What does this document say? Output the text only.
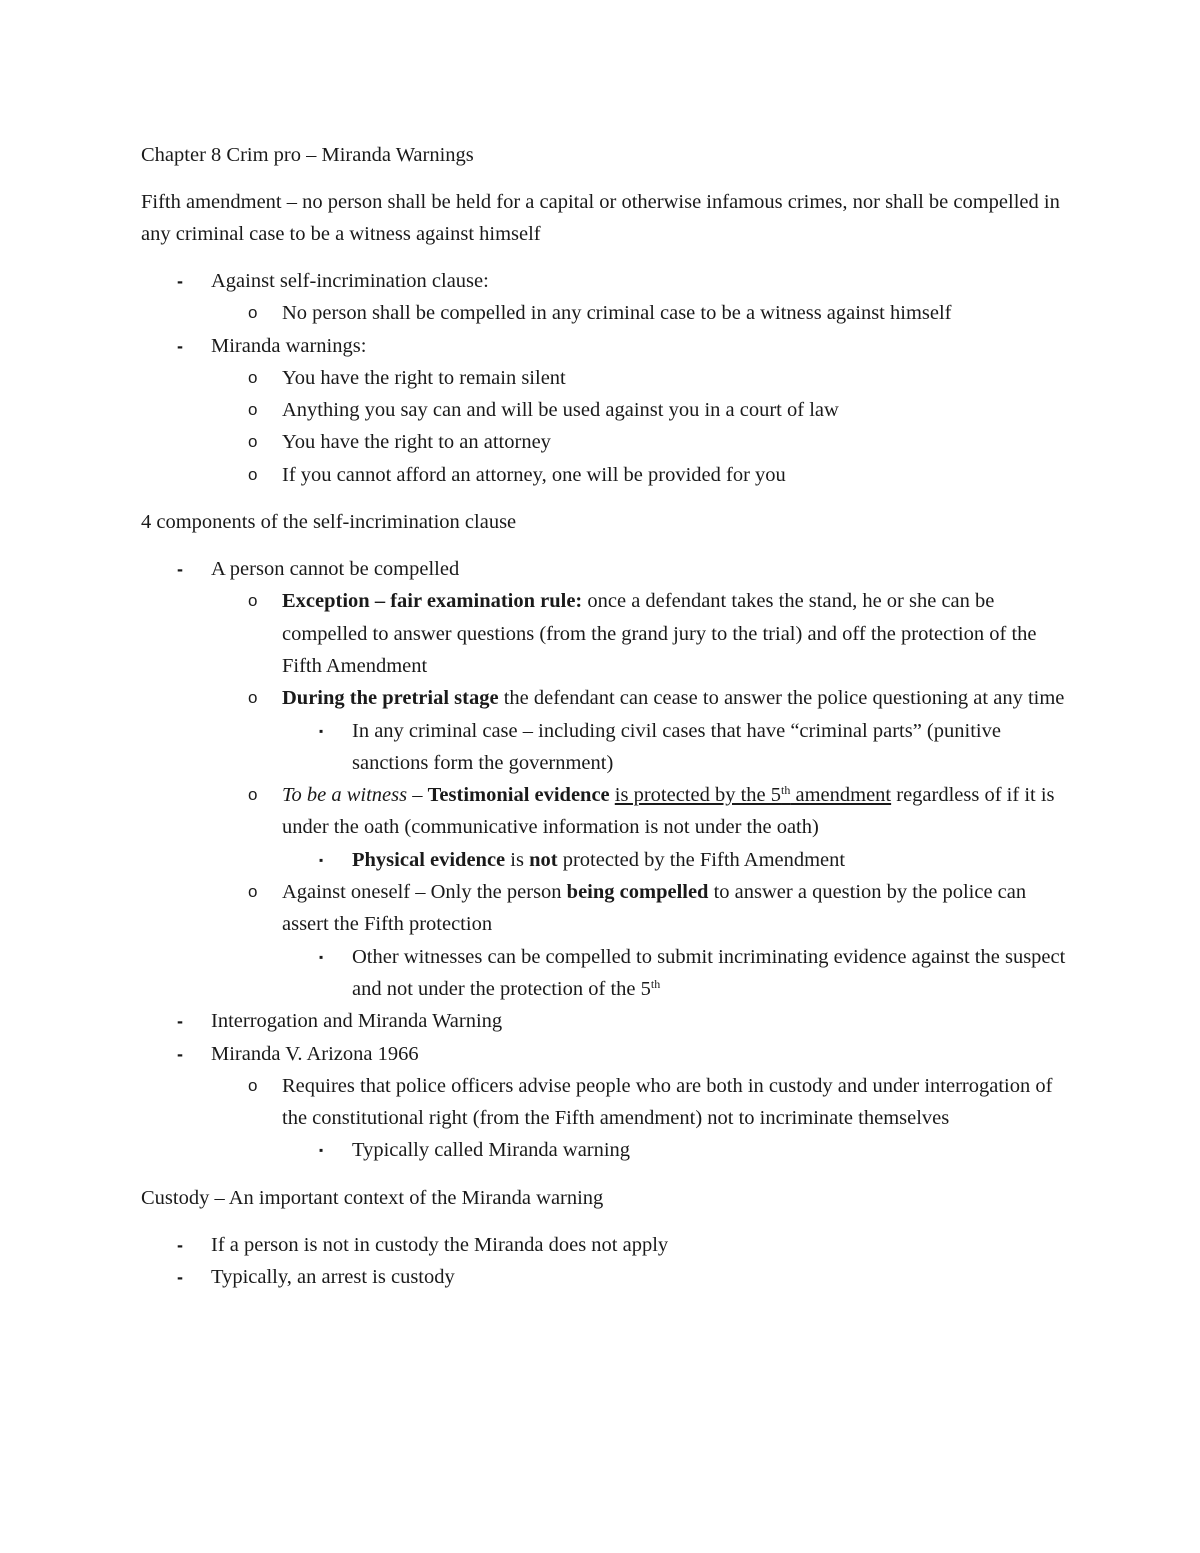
Chapter 8 Crim pro – Miranda Warnings

Fifth amendment – no person shall be held for a capital or otherwise infamous crimes, nor shall be compelled in any criminal case to be a witness against himself

- Against self-incrimination clause:
o No person shall be compelled in any criminal case to be a witness against himself
- Miranda warnings:
o You have the right to remain silent
o Anything you say can and will be used against you in a court of law
o You have the right to an attorney
o If you cannot afford an attorney, one will be provided for you

4 components of the self-incrimination clause

- A person cannot be compelled
o Exception – fair examination rule: once a defendant takes the stand, he or she can be compelled to answer questions (from the grand jury to the trial) and off the protection of the Fifth Amendment
o During the pretrial stage the defendant can cease to answer the police questioning at any time
▪ In any criminal case – including civil cases that have “criminal parts” (punitive sanctions form the government)
o To be a witness – Testimonial evidence is protected by the 5th amendment regardless of if it is under the oath (communicative information is not under the oath)
▪ Physical evidence is not protected by the Fifth Amendment
o Against oneself – Only the person being compelled to answer a question by the police can assert the Fifth protection
▪ Other witnesses can be compelled to submit incriminating evidence against the suspect and not under the protection of the 5th
- Interrogation and Miranda Warning
- Miranda V. Arizona 1966
o Requires that police officers advise people who are both in custody and under interrogation of the constitutional right (from the Fifth amendment) not to incriminate themselves
▪ Typically called Miranda warning

Custody – An important context of the Miranda warning

- If a person is not in custody the Miranda does not apply
- Typically, an arrest is custody
